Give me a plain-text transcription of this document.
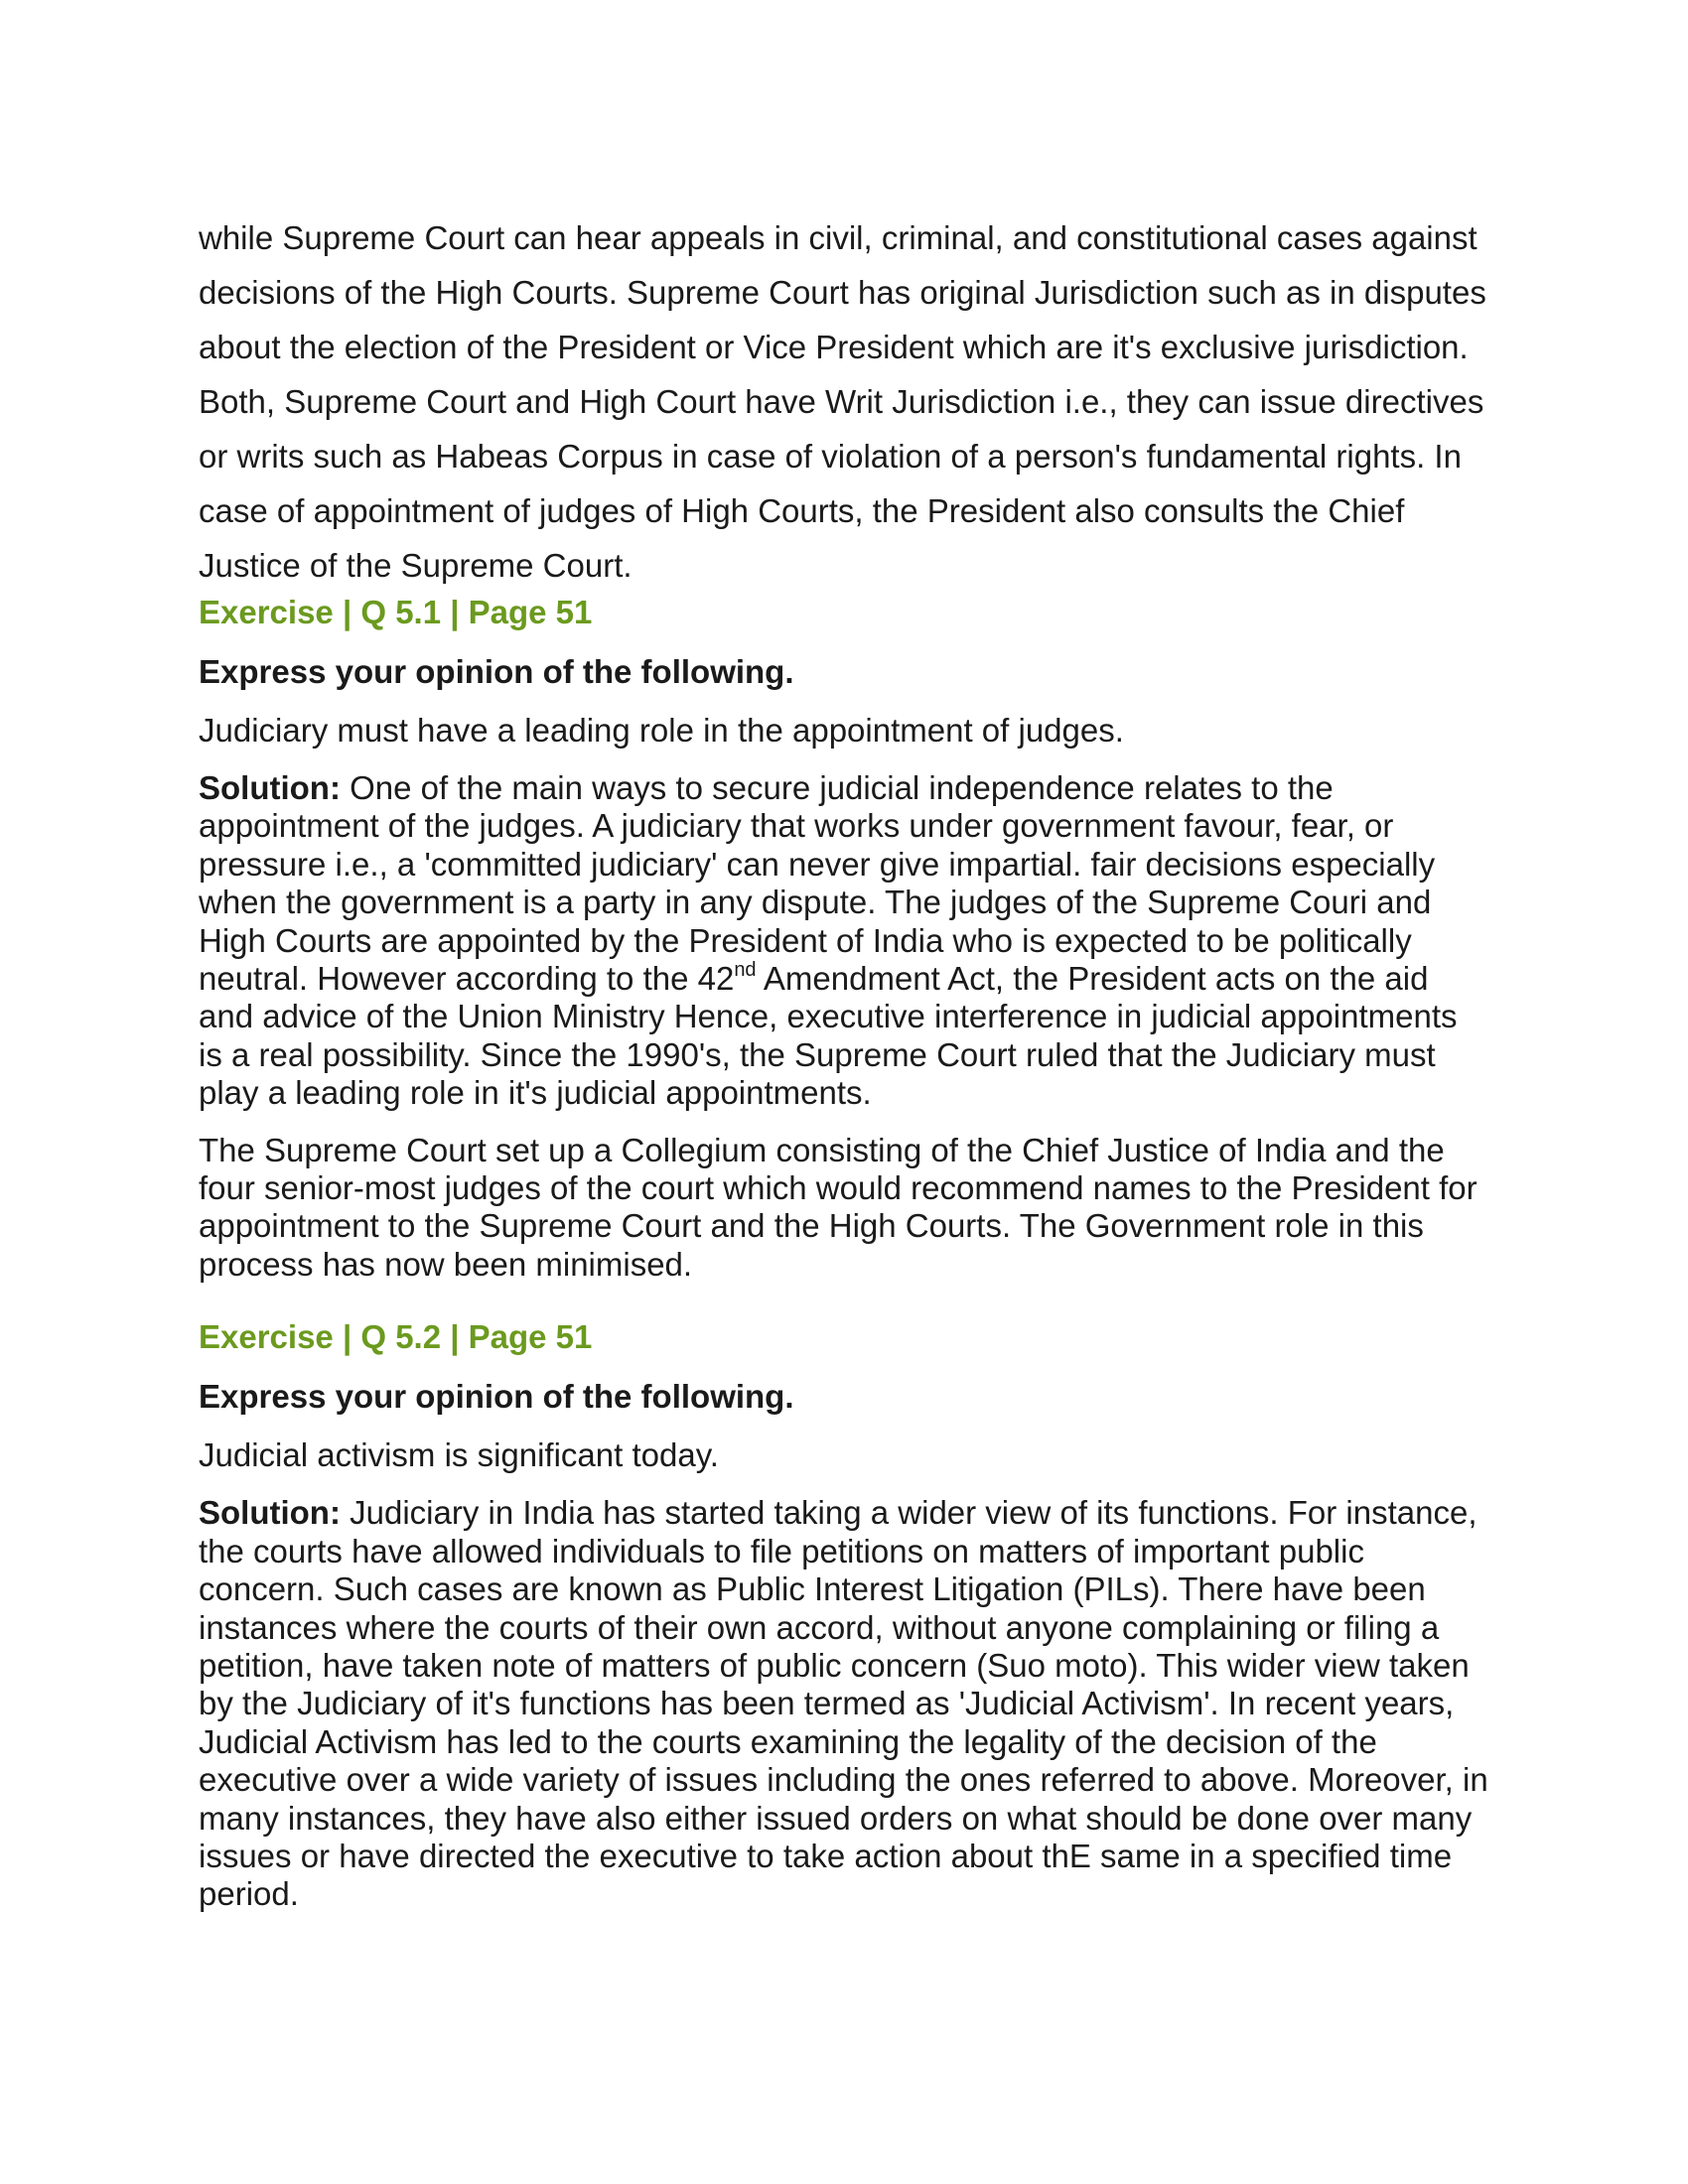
while Supreme Court can hear appeals in civil, criminal, and constitutional cases against decisions of the High Courts. Supreme Court has original Jurisdiction such as in disputes about the election of the President or Vice President which are it's exclusive jurisdiction. Both, Supreme Court and High Court have Writ Jurisdiction i.e., they can issue directives or writs such as Habeas Corpus in case of violation of a person's fundamental rights. In case of appointment of judges of High Courts, the President also consults the Chief Justice of the Supreme Court.

Exercise | Q 5.1 | Page 51
Express your opinion of the following.
Judiciary must have a leading role in the appointment of judges.
Solution: One of the main ways to secure judicial independence relates to the appointment of the judges. A judiciary that works under government favour, fear, or pressure i.e., a 'committed judiciary' can never give impartial. fair decisions especially when the government is a party in any dispute. The judges of the Supreme Couri and High Courts are appointed by the President of India who is expected to be politically neutral. However according to the 42nd Amendment Act, the President acts on the aid and advice of the Union Ministry Hence, executive interference in judicial appointments is a real possibility. Since the 1990's, the Supreme Court ruled that the Judiciary must play a leading role in it's judicial appointments.
The Supreme Court set up a Collegium consisting of the Chief Justice of India and the four senior-most judges of the court which would recommend names to the President for appointment to the Supreme Court and the High Courts. The Government role in this process has now been minimised.
Exercise | Q 5.2 | Page 51
Express your opinion of the following.
Judicial activism is significant today.
Solution: Judiciary in India has started taking a wider view of its functions. For instance, the courts have allowed individuals to file petitions on matters of important public concern. Such cases are known as Public Interest Litigation (PILs). There have been instances where the courts of their own accord, without anyone complaining or filing a petition, have taken note of matters of public concern (Suo moto). This wider view taken by the Judiciary of it's functions has been termed as 'Judicial Activism'. In recent years, Judicial Activism has led to the courts examining the legality of the decision of the executive over a wide variety of issues including the ones referred to above. Moreover, in many instances, they have also either issued orders on what should be done over many issues or have directed the executive to take action about thE same in a specified time period.
